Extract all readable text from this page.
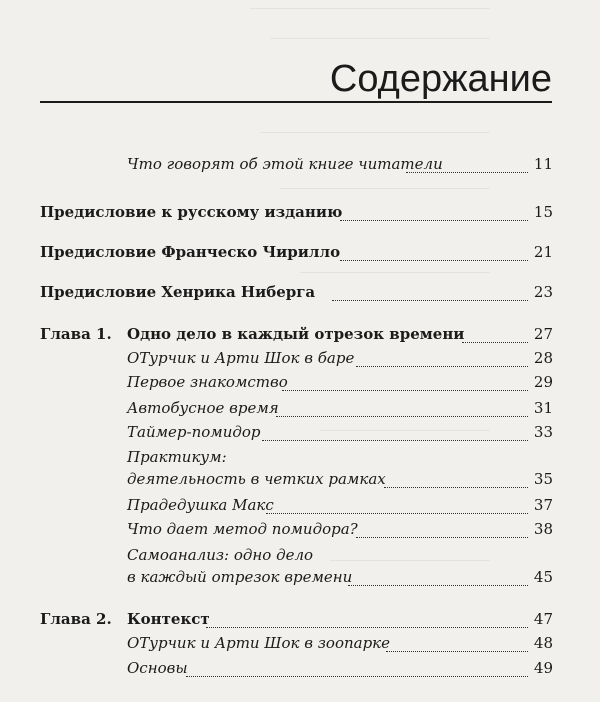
Содержание
Что говорят об этой книге читатели	11
Предисловие к русскому изданию	15
Предисловие Франческо Чирилло	21
Предисловие Хенрика Ниберга	23
Глава 1. Одно дело в каждый отрезок времени	27
ОТурчик и Арти Шок в баре	28
Первое знакомство	29
Автобусное время	31
Таймер-помидор	33
Практикум:
деятельность в четких рамках	35
Прадедушка Макс	37
Что дает метод помидора?	38
Самоанализ: одно дело
в каждый отрезок времени	45
Глава 2. Контекст	47
ОТурчик и Арти Шок в зоопарке	48
Основы	49
